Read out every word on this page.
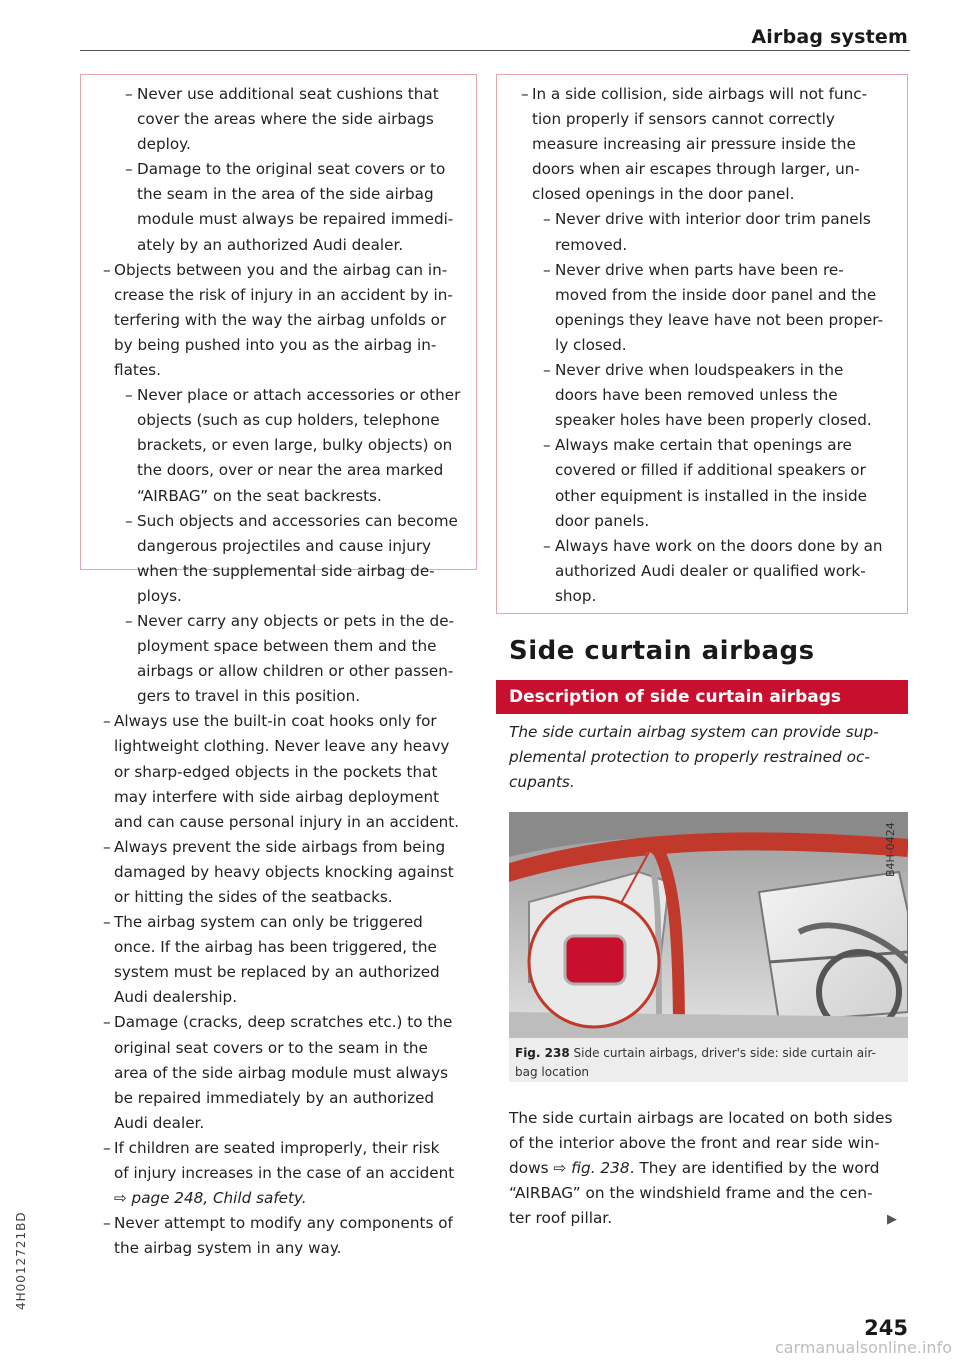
Airbag system
– Never use additional seat cushions that
cover the areas where the side airbags
deploy.
– Damage to the original seat covers or to
the seam in the area of the side airbag
module must always be repaired immedi-
ately by an authorized Audi dealer.
– Objects between you and the airbag can in-
crease the risk of injury in an accident by in-
terfering with the way the airbag unfolds or
by being pushed into you as the airbag in-
flates.
– Never place or attach accessories or other
objects (such as cup holders, telephone
brackets, or even large, bulky objects) on
the doors, over or near the area marked
“AIRBAG” on the seat backrests.
– Such objects and accessories can become
dangerous projectiles and cause injury
when the supplemental side airbag de-
ploys.
– Never carry any objects or pets in the de-
ployment space between them and the
airbags or allow children or other passen-
gers to travel in this position.
– Always use the built-in coat hooks only for
lightweight clothing. Never leave any heavy
or sharp-edged objects in the pockets that
may interfere with side airbag deployment
and can cause personal injury in an accident.
– Always prevent the side airbags from being
damaged by heavy objects knocking against
or hitting the sides of the seatbacks.
– The airbag system can only be triggered
once. If the airbag has been triggered, the
system must be replaced by an authorized
Audi dealership.
– Damage (cracks, deep scratches etc.) to the
original seat covers or to the seam in the
area of the side airbag module must always
be repaired immediately by an authorized
Audi dealer.
– If children are seated improperly, their risk
of injury increases in the case of an accident
⇨ page 248, Child safety.
– Never attempt to modify any components of
the airbag system in any way.
– In a side collision, side airbags will not func-
tion properly if sensors cannot correctly
measure increasing air pressure inside the
doors when air escapes through larger, un-
closed openings in the door panel.
– Never drive with interior door trim panels
removed.
– Never drive when parts have been re-
moved from the inside door panel and the
openings they leave have not been proper-
ly closed.
– Never drive when loudspeakers in the
doors have been removed unless the
speaker holes have been properly closed.
– Always make certain that openings are
covered or filled if additional speakers or
other equipment is installed in the inside
door panels.
– Always have work on the doors done by an
authorized Audi dealer or qualified work-
shop.
Side curtain airbags
Description of side curtain airbags
The side curtain airbag system can provide sup-
plemental protection to properly restrained oc-
cupants.
B4H-0424
Fig. 238 Side curtain airbags, driver's side: side curtain air-
bag location
The side curtain airbags are located on both sides
of the interior above the front and rear side win-
dows ⇨ fig. 238. They are identified by the word
“AIRBAG” on the windshield frame and the cen-
ter roof pillar.	▶
245
4H0012721BD
carmanualsonline.info
